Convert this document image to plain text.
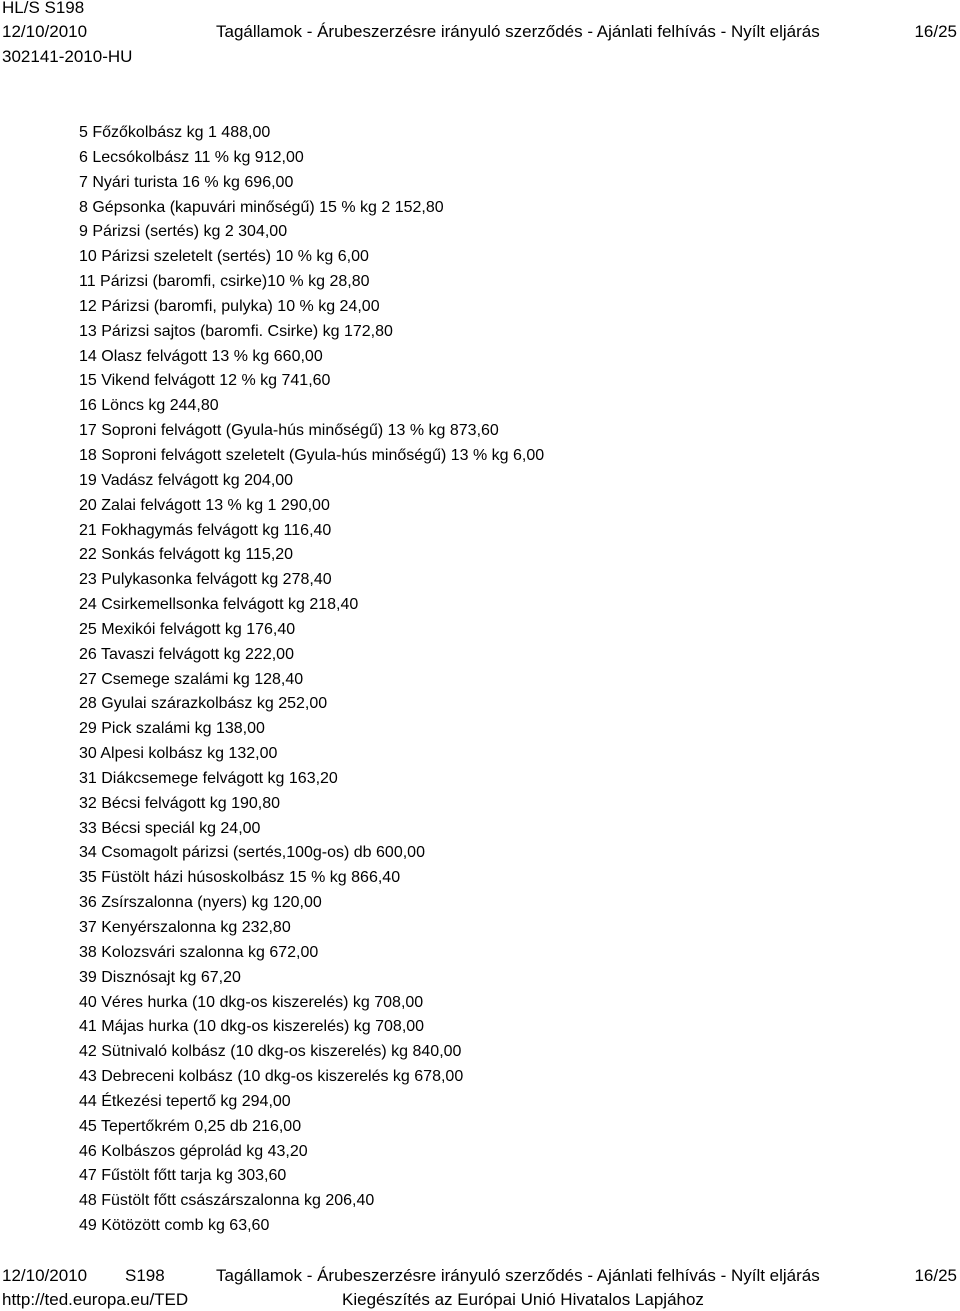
HL/S S198
12/10/2010	Tagállamok - Árubeszerzésre irányuló szerződés - Ajánlati felhívás - Nyílt eljárás	16/25
302141-2010-HU
5 Főzőkolbász kg 1 488,00
6 Lecsókolbász 11 % kg 912,00
7 Nyári turista 16 % kg 696,00
8 Gépsonka (kapuvári minőségű) 15 % kg 2 152,80
9 Párizsi (sertés) kg 2 304,00
10 Párizsi szeletelt (sertés) 10 % kg 6,00
11 Párizsi (baromfi, csirke)10 % kg 28,80
12 Párizsi (baromfi, pulyka) 10 % kg 24,00
13 Párizsi sajtos (baromfi. Csirke) kg 172,80
14 Olasz felvágott 13 % kg 660,00
15 Vikend felvágott 12 % kg 741,60
16 Löncs kg 244,80
17 Soproni felvágott (Gyula-hús minőségű) 13 % kg 873,60
18 Soproni felvágott szeletelt (Gyula-hús minőségű) 13 % kg 6,00
19 Vadász felvágott kg 204,00
20 Zalai felvágott 13 % kg 1 290,00
21 Fokhagymás felvágott kg 116,40
22 Sonkás felvágott kg 115,20
23 Pulykasonka felvágott kg 278,40
24 Csirkemellsonka felvágott kg 218,40
25 Mexikói felvágott kg 176,40
26 Tavaszi felvágott kg 222,00
27 Csemege szalámi kg 128,40
28 Gyulai szárazkolbász kg 252,00
29 Pick szalámi kg 138,00
30 Alpesi kolbász kg 132,00
31 Diákcsemege felvágott kg 163,20
32 Bécsi felvágott kg 190,80
33 Bécsi speciál kg 24,00
34 Csomagolt párizsi (sertés,100g-os) db 600,00
35 Füstölt házi húsoskolbász 15 % kg 866,40
36 Zsírszalonna (nyers) kg 120,00
37 Kenyérszalonna kg 232,80
38 Kolozsvári szalonna kg 672,00
39 Disznósajt kg 67,20
40 Véres hurka (10 dkg-os kiszerelés) kg 708,00
41 Májas hurka (10 dkg-os kiszerelés) kg 708,00
42 Sütnivaló kolbász (10 dkg-os kiszerelés) kg 840,00
43 Debreceni kolbász (10 dkg-os kiszerelés kg 678,00
44 Étkezési tepertő kg 294,00
45 Tepertőkrém 0,25 db 216,00
46 Kolbászos géprolád kg 43,20
47 Fűstölt főtt tarja kg 303,60
48 Füstölt főtt császárszalonna kg 206,40
49 Kötözött comb kg 63,60
12/10/2010 S198	Tagállamok - Árubeszerzésre irányuló szerződés - Ajánlati felhívás - Nyílt eljárás	16/25
http://ted.europa.eu/TED	Kiegészítés az Európai Unió Hivatalos Lapjához
